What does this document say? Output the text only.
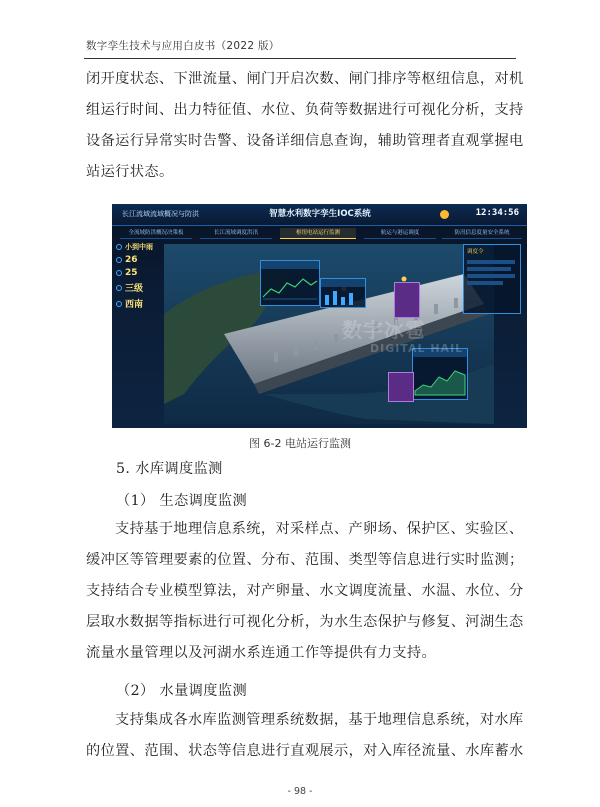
数字孪生技术与应用白皮书（2022 版）
闭开度状态、下泄流量、闸门开启次数、闸门排序等枢纽信息，对机
组运行时间、出力特征值、水位、负荷等数据进行可视化分析，支持
设备运行异常实时告警、设备详细信息查询，辅助管理者直观掌握电
站运行状态。
长江流域流域概况与防洪	智慧水利数字孪生IOC系统	12:34:56
全流域防洪概况决策板	长江流域调度洪汛	枢纽电站运行监测	航运与港运调度	防汛信息度量安全系统
小到中雨
26
25
三级
西南

调度令
数字冰雹
DIGITAL HAIL
图 6-2 电站运行监测
5. 水库调度监测
（1） 生态调度监测
支持基于地理信息系统，对采样点、产卵场、保护区、实验区、
缓冲区等管理要素的位置、分布、范围、类型等信息进行实时监测；
支持结合专业模型算法，对产卵量、水文调度流量、水温、水位、分
层取水数据等指标进行可视化分析，为水生态保护与修复、河湖生态
流量水量管理以及河湖水系连通工作等提供有力支持。
（2） 水量调度监测
支持集成各水库监测管理系统数据，基于地理信息系统，对水库
的位置、范围、状态等信息进行直观展示，对入库径流量、水库蓄水
- 98 -
